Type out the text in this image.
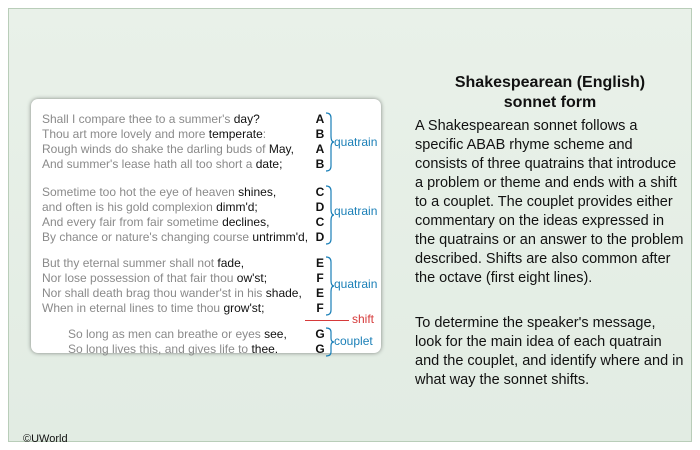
Shall I compare thee to a summer's day?
Thou art more lovely and more temperate:
Rough winds do shake the darling buds of May,
And summer's lease hath all too short a date;
A
B
A
B
quatrain
Sometime too hot the eye of heaven shines,
and often is his gold complexion dimm'd;
And every fair from fair sometime declines,
By chance or nature's changing course untrimm'd,
C
D
C
D
quatrain
But thy eternal summer shall not fade,
Nor lose possession of that fair thou ow'st;
Nor shall death brag thou wander'st in his shade,
When in eternal lines to time thou grow'st;
E
F
E
F
quatrain
shift
So long as men can breathe or eyes see,
So long lives this, and gives life to thee.
G
G
couplet
Shakespearean (English)
sonnet form
A Shakespearean sonnet follows a specific ABAB rhyme scheme and consists of three quatrains that introduce a problem or theme and ends with a shift to a couplet. The couplet provides either commentary on the ideas expressed in the quatrains or an answer to the problem described. Shifts are also common after the octave (first eight lines).
To determine the speaker's message, look for the main idea of each quatrain and the couplet, and identify where and in what way the sonnet shifts.
©UWorld
